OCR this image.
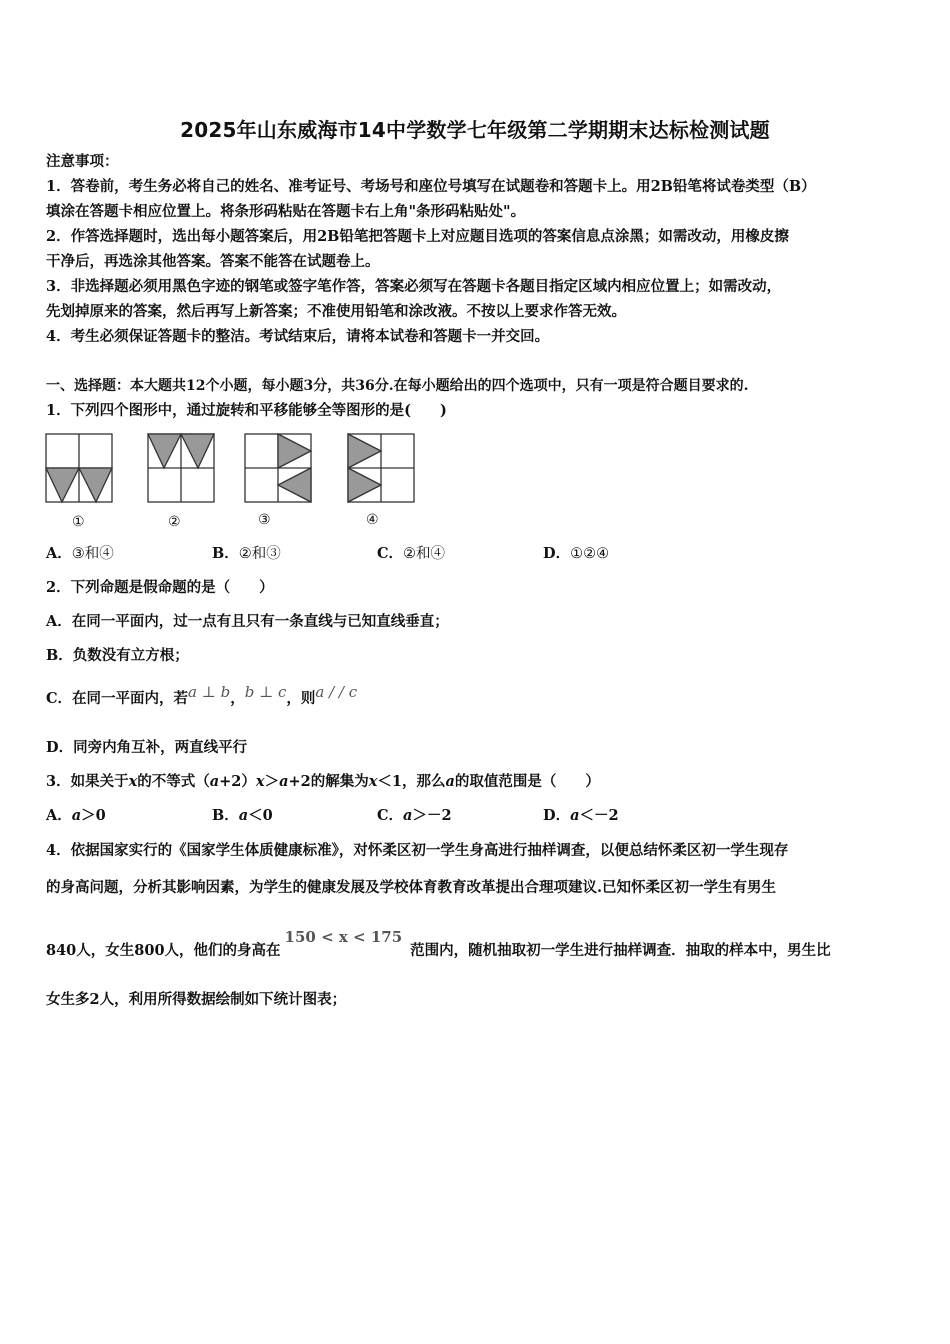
2025年山东威海市14中学数学七年级第二学期期末达标检测试题
注意事项：
1．答卷前，考生务必将自己的姓名、准考证号、考场号和座位号填写在试题卷和答题卡上。用2B铅笔将试卷类型（B）
填涂在答题卡相应位置上。将条形码粘贴在答题卡右上角"条形码粘贴处"。
2．作答选择题时，选出每小题答案后，用2B铅笔把答题卡上对应题目选项的答案信息点涂黑；如需改动，用橡皮擦
干净后，再选涂其他答案。答案不能答在试题卷上。
3．非选择题必须用黑色字迹的钢笔或签字笔作答，答案必须写在答题卡各题目指定区域内相应位置上；如需改动，
先划掉原来的答案，然后再写上新答案；不准使用铅笔和涂改液。不按以上要求作答无效。
4．考生必须保证答题卡的整洁。考试结束后，请将本试卷和答题卡一并交回。
一、选择题：本大题共12个小题，每小题3分，共36分.在每小题给出的四个选项中，只有一项是符合题目要求的.
1．下列四个图形中，通过旋转和平移能够全等图形的是(　　)
①	②	③	④
A．③和④	B．②和③	C．②和④	D．①②④
2．下列命题是假命题的是（　　）
A．在同一平面内，过一点有且只有一条直线与已知直线垂直；
B．负数没有立方根；
C．在同一平面内，若a ⊥ b，b ⊥ c，则a / / c
D．同旁内角互补，两直线平行
3．如果关于x的不等式（a+2）x＞a+2的解集为x＜1，那么a的取值范围是（　　）
A．a＞0	B．a＜0	C．a＞－2	D．a＜－2
4．依据国家实行的《国家学生体质健康标准》，对怀柔区初一学生身高进行抽样调查，以便总结怀柔区初一学生现存
的身高问题，分析其影响因素，为学生的健康发展及学校体育教育改革提出合理项建议.已知怀柔区初一学生有男生
840人，女生800人，他们的身高在150 < x < 175范围内，随机抽取初一学生进行抽样调查．抽取的样本中，男生比
女生多2人，利用所得数据绘制如下统计图表；
